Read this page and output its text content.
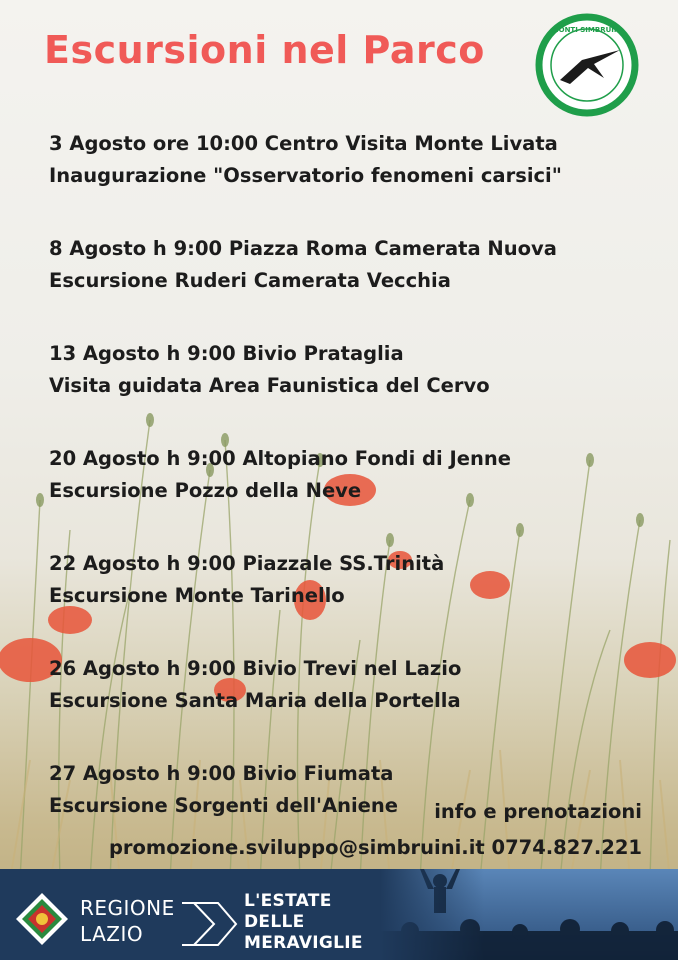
Escursioni nel Parco	MONTI SIMBRUINI
3 Agosto ore 10:00 Centro Visita Monte Livata
Inaugurazione "Osservatorio fenomeni carsici"
8 Agosto h 9:00 Piazza Roma Camerata Nuova
Escursione Ruderi Camerata Vecchia
13 Agosto h 9:00 Bivio Prataglia
Visita guidata Area Faunistica del Cervo
20 Agosto h 9:00 Altopiano Fondi di Jenne
Escursione Pozzo della Neve
22 Agosto h 9:00 Piazzale SS.Trinità
Escursione Monte Tarinello
26 Agosto h 9:00 Bivio Trevi nel Lazio
Escursione Santa Maria della Portella
27 Agosto h 9:00 Bivio Fiumata
Escursione Sorgenti dell'Aniene	info e prenotazioni
promozione.sviluppo@simbruini.it 0774.827.221
REGIONE
LAZIO
L'ESTATE
DELLE
MERAVIGLIE
